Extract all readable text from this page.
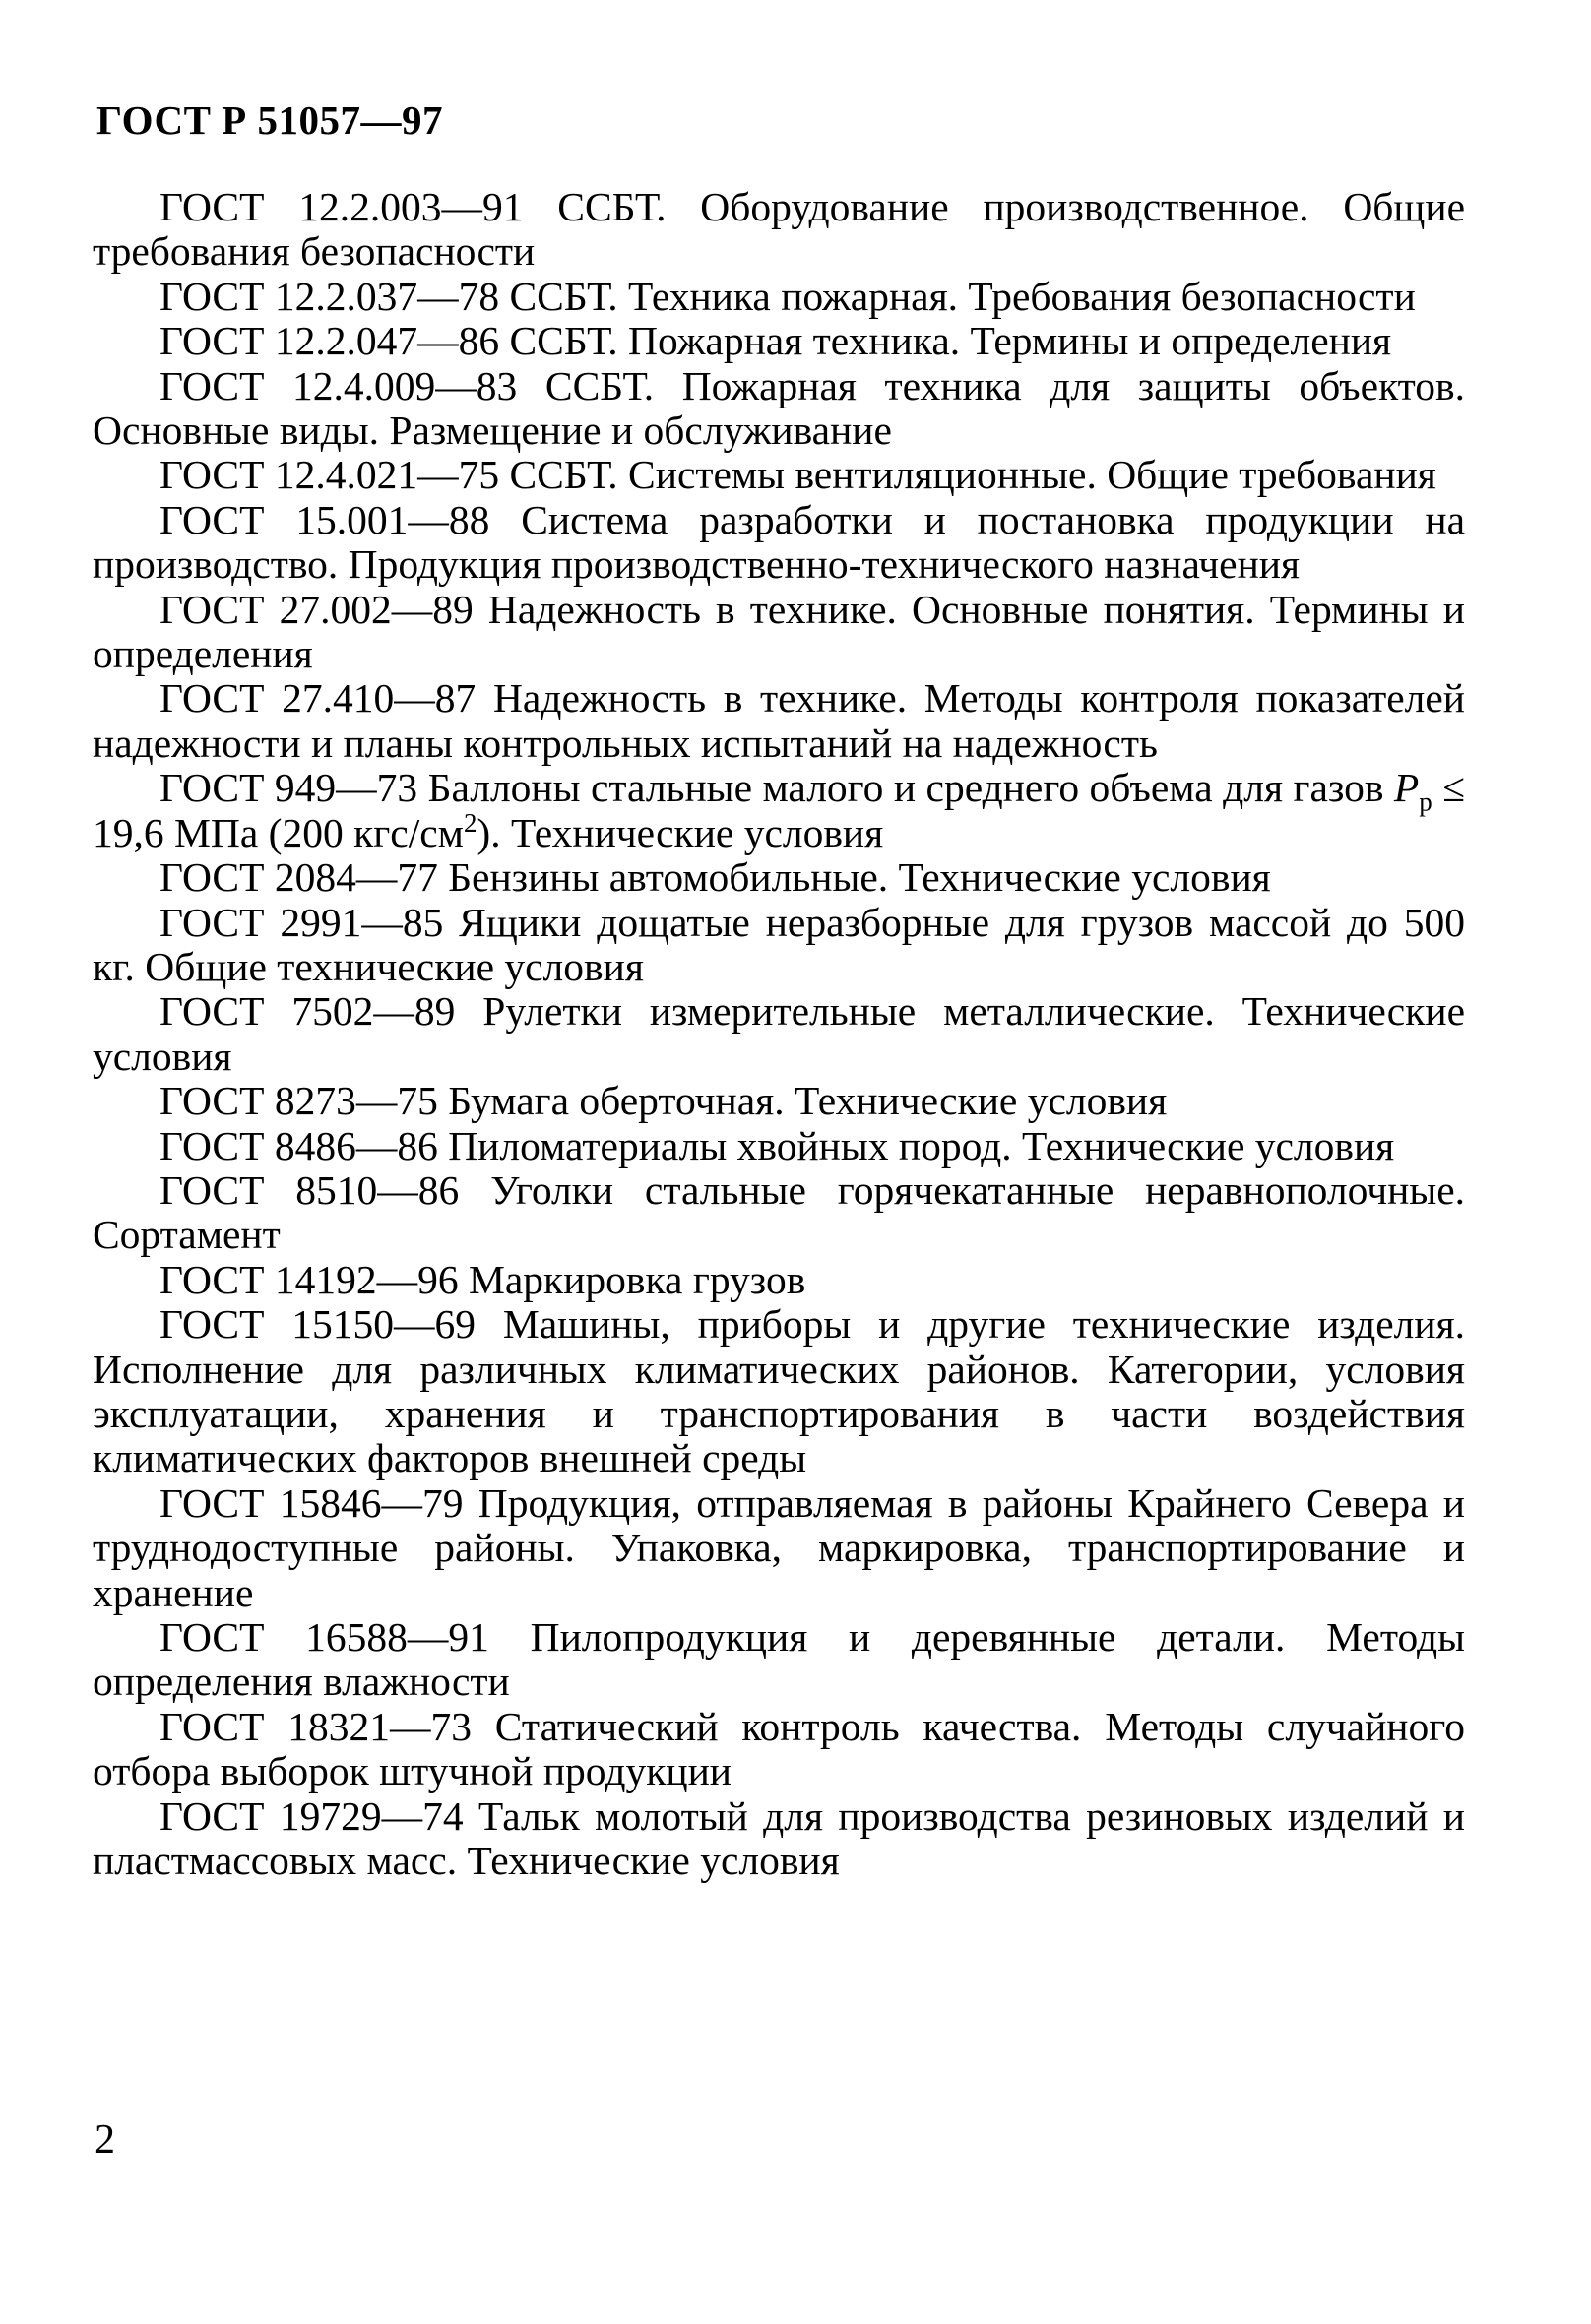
ГОСТ Р 51057—97

ГОСТ 12.2.003—91 ССБТ. Оборудование производственное. Общие требования безопасности

ГОСТ 12.2.037—78 ССБТ. Техника пожарная. Требования безопасности

ГОСТ 12.2.047—86 ССБТ. Пожарная техника. Термины и определения

ГОСТ 12.4.009—83 ССБТ. Пожарная техника для защиты объектов. Основные виды. Размещение и обслуживание

ГОСТ 12.4.021—75 ССБТ. Системы вентиляционные. Общие требования

ГОСТ 15.001—88 Система разработки и постановка продукции на производство. Продукция производственно-технического назначения

ГОСТ 27.002—89 Надежность в технике. Основные понятия. Термины и определения

ГОСТ 27.410—87 Надежность в технике. Методы контроля показателей надежности и планы контрольных испытаний на надежность

ГОСТ 949—73 Баллоны стальные малого и среднего объема для газов $P_р \le 19,6$ МПа (200 кгс/$см^2$). Технические условия

ГОСТ 2084—77 Бензины автомобильные. Технические условия

ГОСТ 2991—85 Ящики дощатые неразборные для грузов массой до 500 кг. Общие технические условия

ГОСТ 7502—89 Рулетки измерительные металлические. Технические условия

ГОСТ 8273—75 Бумага оберточная. Технические условия

ГОСТ 8486—86 Пиломатериалы хвойных пород. Технические условия

ГОСТ 8510—86 Уголки стальные горячекатанные неравнополочные. Сортамент

ГОСТ 14192—96 Маркировка грузов

ГОСТ 15150—69 Машины, приборы и другие технические изделия. Исполнение для различных климатических районов. Категории, условия эксплуатации, хранения и транспортирования в части воздействия климатических факторов внешней среды

ГОСТ 15846—79 Продукция, отправляемая в районы Крайнего Севера и труднодоступные районы. Упаковка, маркировка, транспортирование и хранение

ГОСТ 16588—91 Пилопродукция и деревянные детали. Методы определения влажности

ГОСТ 18321—73 Статический контроль качества. Методы случайного отбора выборок штучной продукции

ГОСТ 19729—74 Тальк молотый для производства резиновых изделий и пластмассовых масс. Технические условия

2
